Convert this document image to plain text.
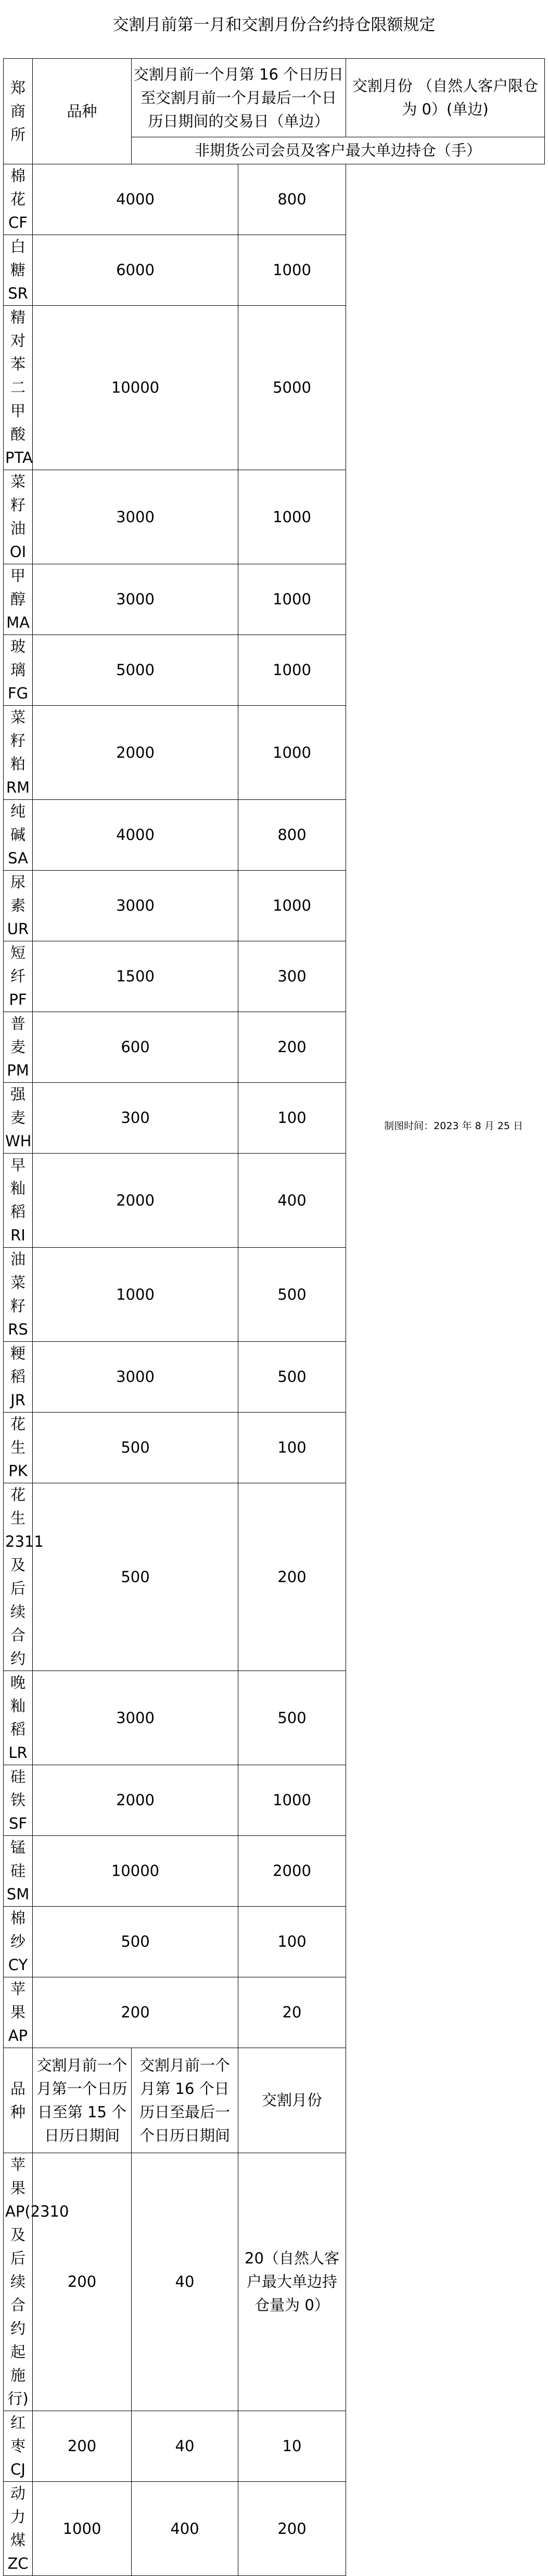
交割月前第一月和交割月份合约持仓限额规定
郑
商
所	品种	交割月前一个月第 16 个日历日至交割月前一个月最后一个日历日期间的交易日（单边）		交割月份 （自然人客户限仓为 0）(单边)
		非期货公司会员及客户最大单边持仓（手）		
棉花 CF	4000		800	
白糖 SR	6000		1000	
精对苯二甲酸 PTA	10000		5000	
菜籽油 OI	3000		1000	
甲醇 MA	3000		1000	
玻璃 FG	5000		1000	
菜籽粕 RM	2000		1000	
纯碱 SA	4000		800	
尿素 UR	3000		1000	
短纤 PF	1500		300	
普麦 PM	600		200	
强麦 WH	300		100	
早籼稻 RI	2000		400	
油菜籽 RS	1000		500	
粳稻 JR	3000		500	
花生 PK	500		100	
花生 2311 及后续合约	500		200	
晚籼稻 LR	3000		500	
硅铁 SF	2000		1000	
锰硅 SM	10000		2000	
棉纱 CY	500		100	
苹果 AP	200		20	
品种	交割月前一个月第一个日历日至第 15 个日历日期间	交割月前一个月第 16 个日历日至最后一个日历日期间	交割月份	
苹果 AP(2310 及后续合约起施行)	200	40	20（自然人客户最大单边持仓量为 0）	
红枣 CJ	200	40	10	
动力煤 ZC	1000	400	200	
制图时间：2023 年 8 月 25 日
